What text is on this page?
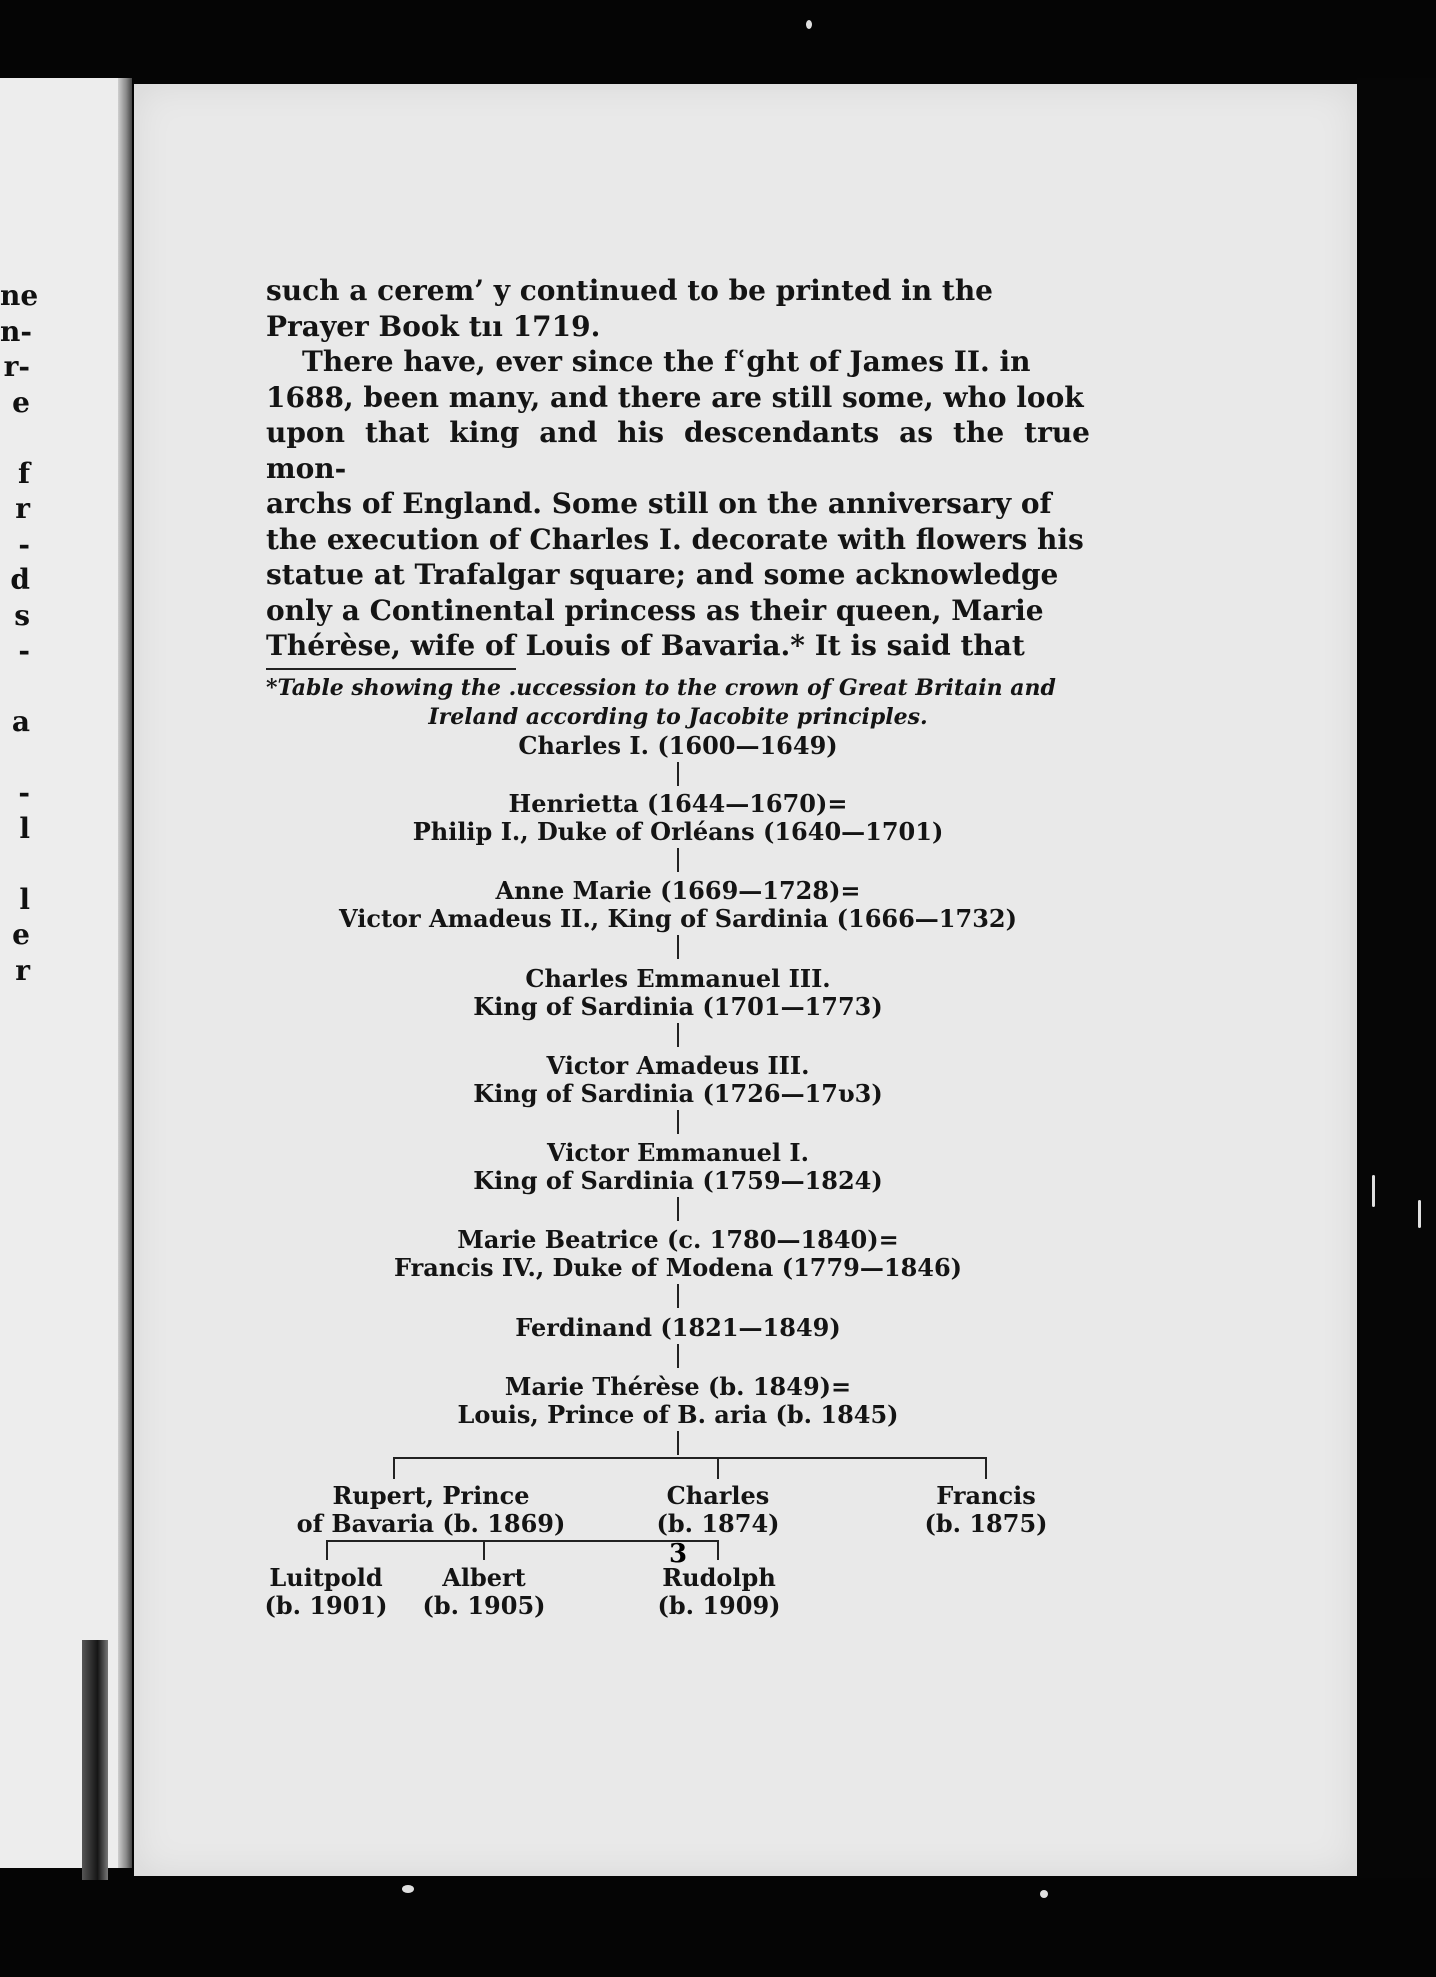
ne
n-
r-
e
f
r
-
d
s
-
a
-
l
l
e
r
such a cerem’ y continued to be printed in the
Prayer Book tıı 1719.
There have, ever since the fʿght of James II. in
1688, been many, and there are still some, who look
upon that king and his descendants as the true mon-
archs of England. Some still on the anniversary of
the execution of Charles I. decorate with flowers his
statue at Trafalgar square; and some acknowledge
only a Continental princess as their queen, Marie
Thérèse, wife of Louis of Bavaria.* It is said that
*Table showing the ․uccession to the crown of Great Britain and
Ireland according to Jacobite principles.
Charles I. (1600—1649)
Henrietta (1644—1670)=
Philip I., Duke of Orléans (1640—1701)
Anne Marie (1669—1728)=
Victor Amadeus II., King of Sardinia (1666—1732)
Charles Emmanuel III.
King of Sardinia (1701—1773)
Victor Amadeus III.
King of Sardinia (1726—17υ3)
Victor Emmanuel I.
King of Sardinia (1759—1824)
Marie Beatrice (c. 1780—1840)=
Francis IV., Duke of Modena (1779—1846)
Ferdinand (1821—1849)
Marie Thérèse (b. 1849)=
Louis, Prince of B․ aria (b. 1845)
Rupert, Prince
of Bavaria (b. 1869)
Charles
(b. 1874)
Francis
(b. 1875)
Luitpold
(b. 1901)
Albert
(b. 1905)
Rudolph
(b. 1909)
3
